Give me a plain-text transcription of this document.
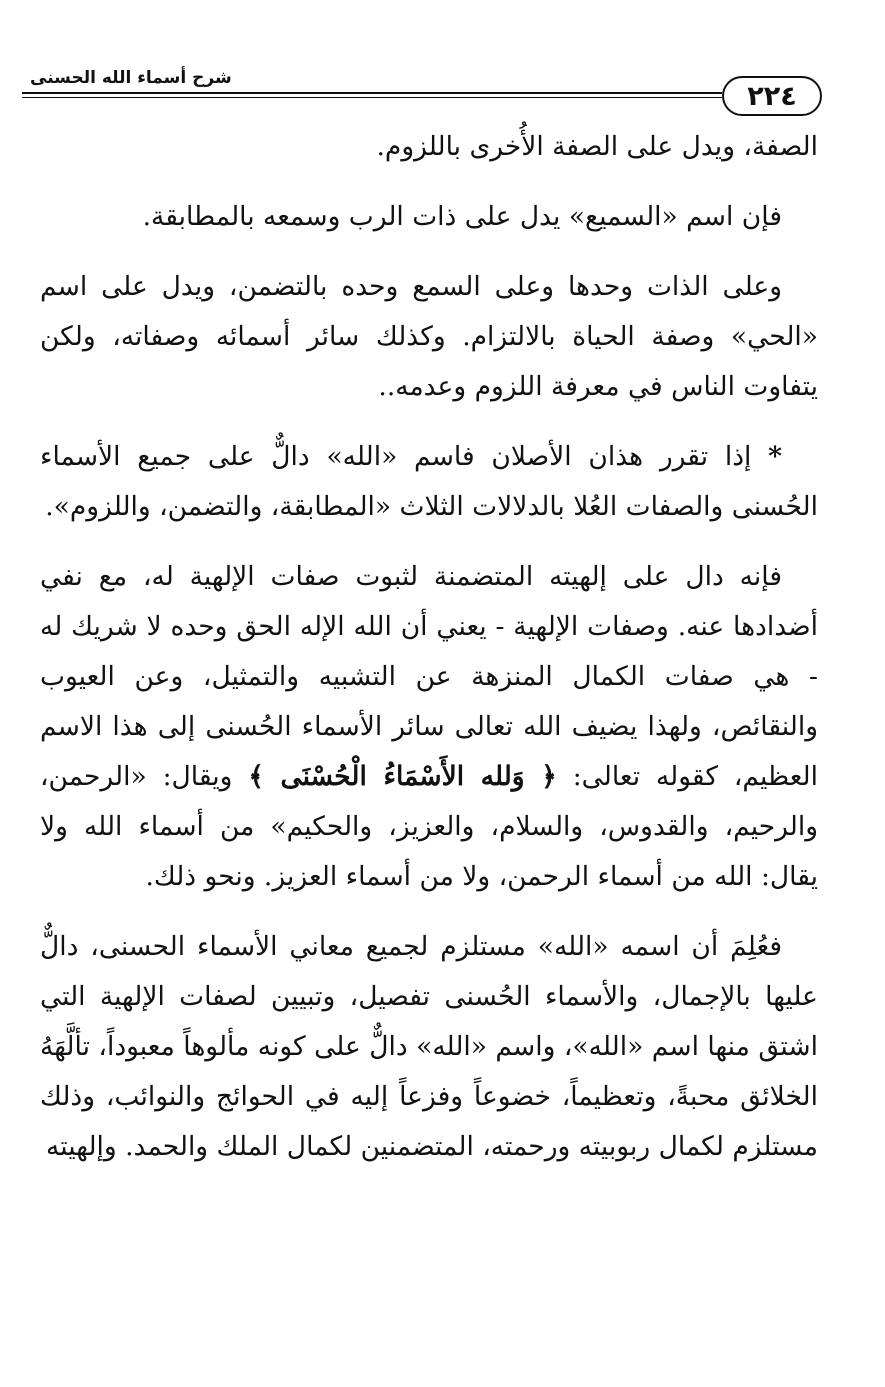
شرح أسماء الله الحسنى
٢٢٤

الصفة، ويدل على الصفة الأُخرى باللزوم.

فإن اسم «السميع» يدل على ذات الرب وسمعه بالمطابقة.

وعلى الذات وحدها وعلى السمع وحده بالتضمن، ويدل على اسم «الحي» وصفة الحياة بالالتزام. وكذلك سائر أسمائه وصفاته، ولكن يتفاوت الناس في معرفة اللزوم وعدمه..

* إذا تقرر هذان الأصلان فاسم «الله» دالٌّ على جميع الأسماء الحُسنى والصفات العُلا بالدلالات الثلاث «المطابقة، والتضمن، واللزوم».

فإنه دال على إلهيته المتضمنة لثبوت صفات الإلهية له، مع نفي أضدادها عنه. وصفات الإلهية - يعني أن الله الإله الحق وحده لا شريك له - هي صفات الكمال المنزهة عن التشبيه والتمثيل، وعن العيوب والنقائص، ولهذا يضيف الله تعالى سائر الأسماء الحُسنى إلى هذا الاسم العظيم، كقوله تعالى: ﴿ وَلله الأَسْمَاءُ الْحُسْنَى ﴾ ويقال: «الرحمن، والرحيم، والقدوس، والسلام، والعزيز، والحكيم» من أسماء الله ولا يقال: الله من أسماء الرحمن، ولا من أسماء العزيز. ونحو ذلك.

فعُلِمَ أن اسمه «الله» مستلزم لجميع معاني الأسماء الحسنى، دالٌّ عليها بالإجمال، والأسماء الحُسنى تفصيل، وتبيين لصفات الإلهية التي اشتق منها اسم «الله»، واسم «الله» دالٌّ على كونه مألوهاً معبوداً، تألَّهَهُ الخلائق محبةً، وتعظيماً، خضوعاً وفزعاً إليه في الحوائج والنوائب، وذلك مستلزم لكمال ربوبيته ورحمته، المتضمنين لكمال الملك والحمد. وإلهيته
